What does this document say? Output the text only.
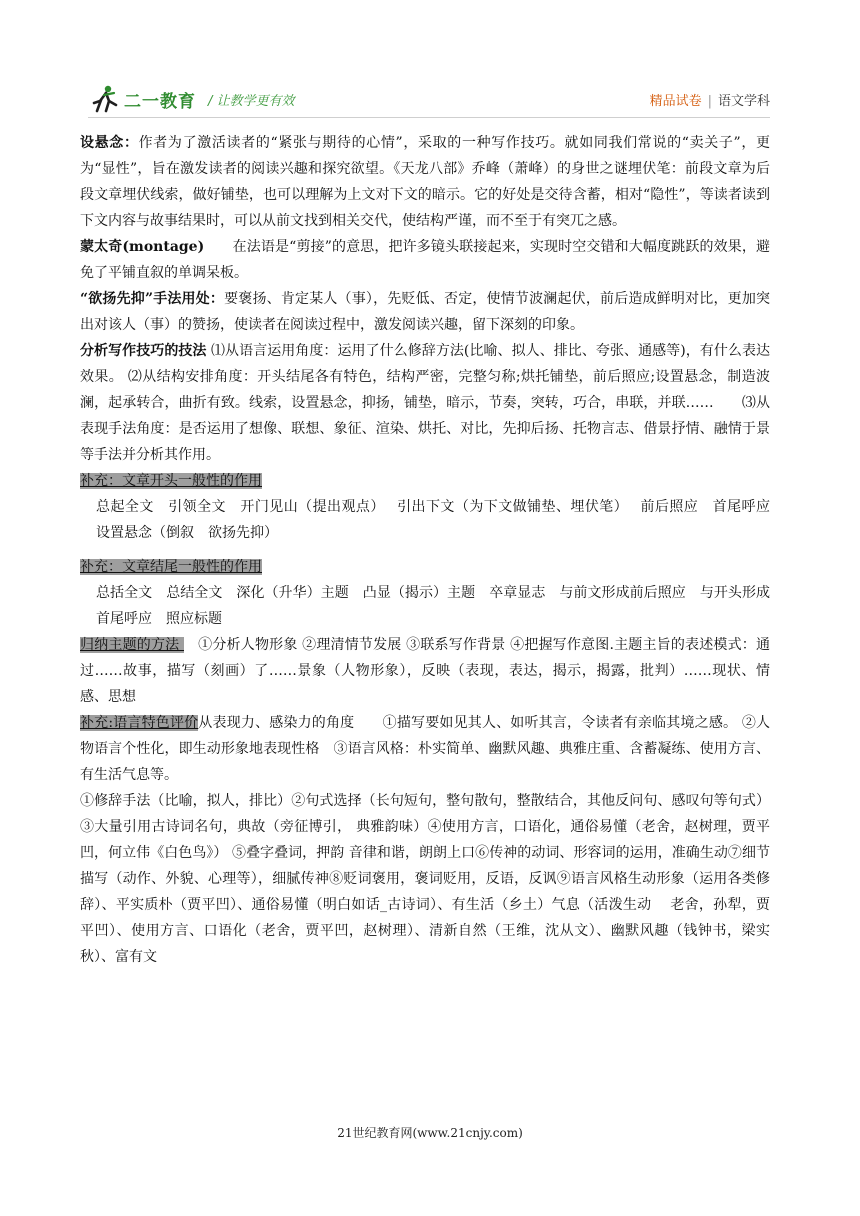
二一教育 / 让教学更有效	精品试卷 | 语文学科

设悬念：作者为了激活读者的“紧张与期待的心情”，采取的一种写作技巧。就如同我们常说的“卖关子”，更为“显性”，旨在激发读者的阅读兴趣和探究欲望。《天龙八部》乔峰（萧峰）的身世之谜埋伏笔：前段文章为后段文章埋伏线索，做好铺垫，也可以理解为上文对下文的暗示。它的好处是交待含蓄，相对“隐性”，等读者读到下文内容与故事结果时，可以从前文找到相关交代，使结构严谨，而不至于有突兀之感。

蒙太奇(montage)　　在法语是“剪接”的意思，把许多镜头联接起来，实现时空交错和大幅度跳跃的效果，避免了平铺直叙的单调呆板。

“欲扬先抑”手法用处：要褒扬、肯定某人（事），先贬低、否定，使情节波澜起伏，前后造成鲜明对比，更加突出对该人（事）的赞扬，使读者在阅读过程中，激发阅读兴趣，留下深刻的印象。

分析写作技巧的技法 ⑴从语言运用角度：运用了什么修辞方法(比喻、拟人、排比、夸张、通感等)，有什么表达效果。 ⑵从结构安排角度：开头结尾各有特色，结构严密，完整匀称;烘托铺垫，前后照应;设置悬念，制造波澜，起承转合，曲折有致。线索，设置悬念，抑扬，铺垫，暗示，节奏，突转，巧合，串联，并联……　　⑶从表现手法角度：是否运用了想像、联想、象征、渲染、烘托、对比，先抑后扬、托物言志、借景抒情、融情于景等手法并分析其作用。

补充：文章开头一般性的作用

总起全文　引领全文　开门见山（提出观点）　 引出下文（为下文做铺垫、埋伏笔）　 前后照应　首尾呼应　设置悬念（倒叙　欲扬先抑）

补充：文章结尾一般性的作用

总括全文　总结全文　深化（升华）主题　凸显（揭示）主题　卒章显志　与前文形成前后照应　与开头形成首尾呼应　照应标题

归纳主题的方法 　①分析人物形象 ②理清情节发展 ③联系写作背景 ④把握写作意图.主题主旨的表述模式：通过……故事，描写（刻画）了……景象（人物形象），反映（表现，表达，揭示，揭露，批判）……现状、情感、思想

补充:语言特色评价从表现力、感染力的角度　　①描写要如见其人、如听其言，令读者有亲临其境之感。 ②人物语言个性化，即生动形象地表现性格　③语言风格：朴实简单、幽默风趣、典雅庄重、含蓄凝练、使用方言、有生活气息等。

①修辞手法（比喻，拟人，排比）②句式选择（长句短句，整句散句，整散结合，其他反问句、感叹句等句式）③大量引用古诗词名句，典故（旁征博引， 典雅韵味）④使用方言，口语化，通俗易懂（老舍，赵树理，贾平凹，何立伟《白色鸟》） ⑤叠字叠词，押韵 音律和谐，朗朗上口⑥传神的动词、形容词的运用，准确生动⑦细节描写（动作、外貌、心理等），细腻传神⑧贬词褒用，褒词贬用，反语，反讽⑨语言风格生动形象（运用各类修辞）、平实质朴（贾平凹）、通俗易懂（明白如话_古诗词）、有生活（乡土）气息（活泼生动　 老舍，孙犁，贾平凹）、使用方言、口语化（老舍，贾平凹，赵树理）、清新自然（王维，沈从文）、幽默风趣（钱钟书，梁实秋）、富有文

21世纪教育网(www.21cnjy.com)
